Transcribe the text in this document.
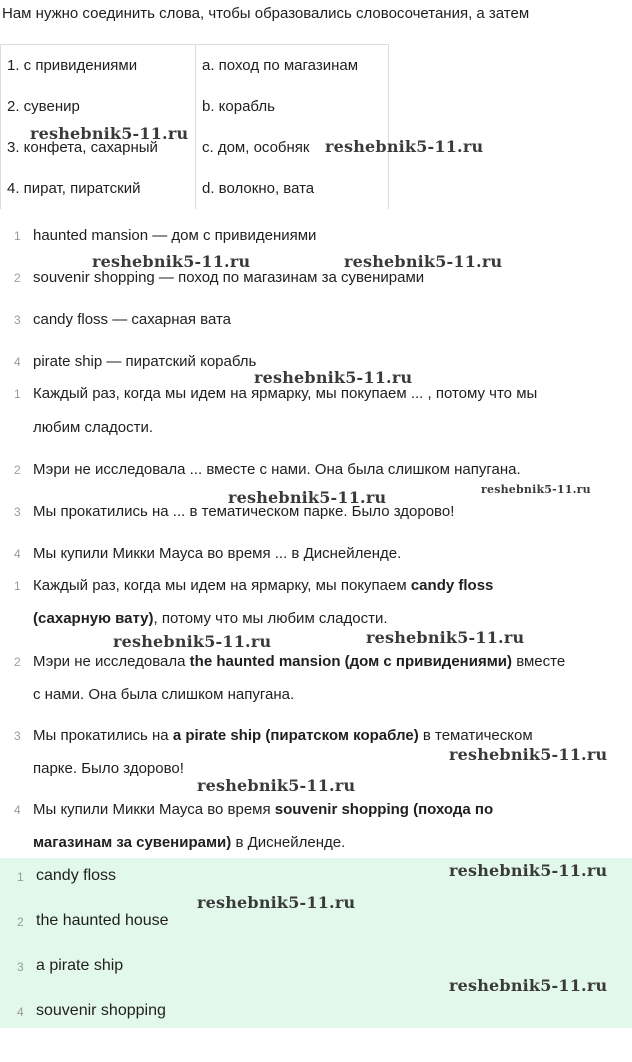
Нам нужно соединить слова, чтобы образовались словосочетания, а затем
1. с привидениями	a. поход по магазинам
2. сувенир	b. корабль
3. конфета, сахарный	c. дом, особняк
4. пират, пиратский	d. волокно, вата
1 haunted mansion — дом с привидениями
2 souvenir shopping — поход по магазинам за сувенирами
3 candy floss — сахарная вата
4 pirate ship — пиратский корабль
1 Каждый раз, когда мы идем на ярмарку, мы покупаем ... , потому что мы
любим сладости.
2 Мэри не исследовала ... вместе с нами. Она была слишком напугана.
3 Мы прокатились на ... в тематическом парке. Было здорово!
4 Мы купили Микки Мауса во время ... в Диснейленде.
1 Каждый раз, когда мы идем на ярмарку, мы покупаем candy floss
(сахарную вату), потому что мы любим сладости.
2 Мэри не исследовала the haunted mansion (дом с привидениями) вместе
с нами. Она была слишком напугана.
3 Мы прокатились на a pirate ship (пиратском корабле) в тематическом
парке. Было здорово!
4 Мы купили Микки Мауса во время souvenir shopping (похода по
магазинам за сувенирами) в Диснейленде.
1 candy floss
2 the haunted house
3 a pirate ship
4 souvenir shopping
reshebnik5-11.ru
reshebnik5-11.ru
reshebnik5-11.ru	reshebnik5-11.ru
reshebnik5-11.ru
reshebnik5-11.ru	reshebnik5-11.ru
reshebnik5-11.ru	reshebnik5-11.ru
reshebnik5-11.ru
reshebnik5-11.ru
reshebnik5-11.ru
reshebnik5-11.ru
reshebnik5-11.ru
